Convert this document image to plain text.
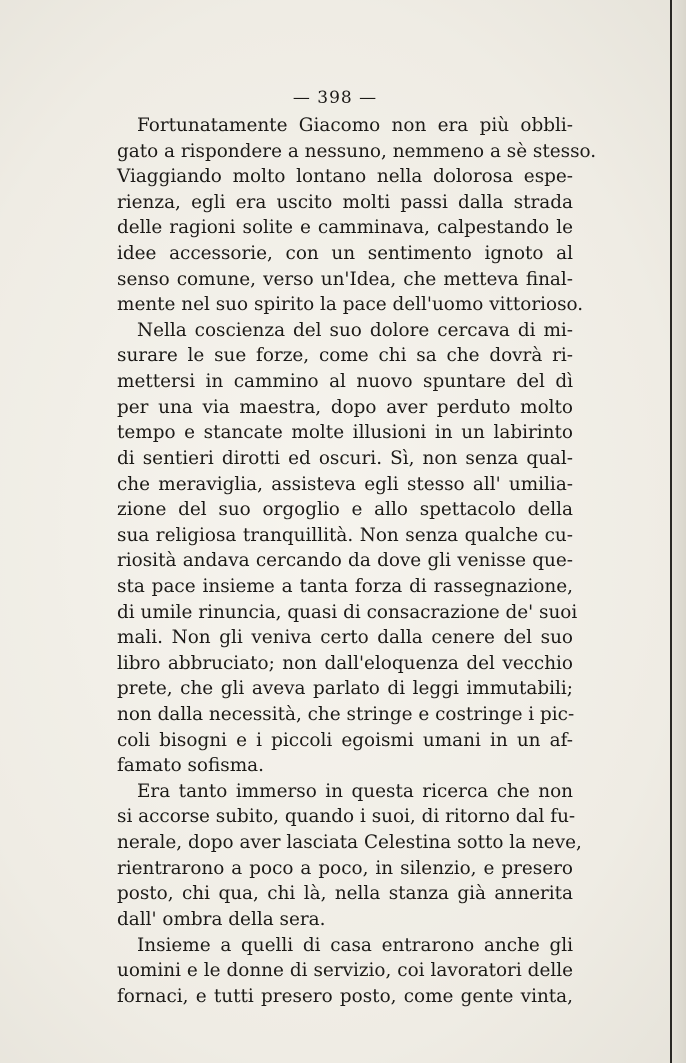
— 398 —
Fortunatamente Giacomo non era più obbli-
gato a rispondere a nessuno, nemmeno a sè stesso.
Viaggiando molto lontano nella dolorosa espe-
rienza, egli era uscito molti passi dalla strada
delle ragioni solite e camminava, calpestando le
idee accessorie, con un sentimento ignoto al
senso comune, verso un'Idea, che metteva final-
mente nel suo spirito la pace dell'uomo vittorioso.
Nella coscienza del suo dolore cercava di mi-
surare le sue forze, come chi sa che dovrà ri-
mettersi in cammino al nuovo spuntare del dì
per una via maestra, dopo aver perduto molto
tempo e stancate molte illusioni in un labirinto
di sentieri dirotti ed oscuri. Sì, non senza qual-
che meraviglia, assisteva egli stesso all' umilia-
zione del suo orgoglio e allo spettacolo della
sua religiosa tranquillità. Non senza qualche cu-
riosità andava cercando da dove gli venisse que-
sta pace insieme a tanta forza di rassegnazione,
di umile rinuncia, quasi di consacrazione de' suoi
mali. Non gli veniva certo dalla cenere del suo
libro abbruciato; non dall'eloquenza del vecchio
prete, che gli aveva parlato di leggi immutabili;
non dalla necessità, che stringe e costringe i pic-
coli bisogni e i piccoli egoismi umani in un af-
famato sofisma.
Era tanto immerso in questa ricerca che non
si accorse subito, quando i suoi, di ritorno dal fu-
nerale, dopo aver lasciata Celestina sotto la neve,
rientrarono a poco a poco, in silenzio, e presero
posto, chi qua, chi là, nella stanza già annerita
dall' ombra della sera.
Insieme a quelli di casa entrarono anche gli
uomini e le donne di servizio, coi lavoratori delle
fornaci, e tutti presero posto, come gente vinta,
